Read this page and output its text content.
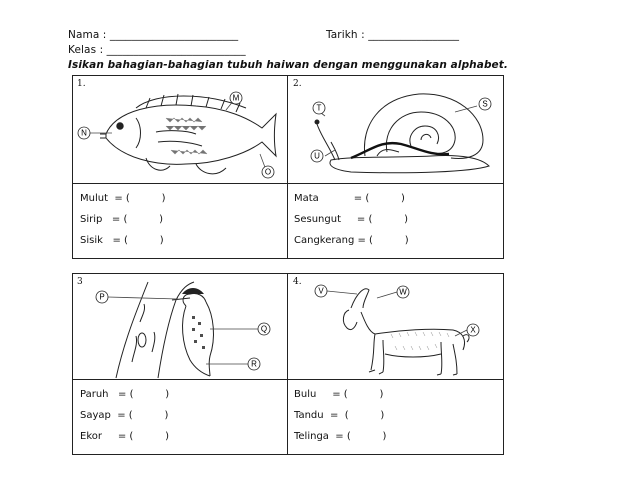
Nama : ________________________	Tarikh : _________________
Kelas : __________________________
Isikan bahagian-bahagian tubuh haiwan dengan menggunakan alphabet.
1.
N
M
O
Mulut  = (          )
Sirip   = (          )
Sisik   = (          )
2.
T	S
U
Mata           = (          )
Sesungut     = (          )
Cangkerang = (          )
3
P
Q
R
Paruh   = (          )
Sayap  = (          )
Ekor     = (          )
4.
V	W
X
Bulu     = (          )
Tandu  =  (          )
Telinga  = (          )
